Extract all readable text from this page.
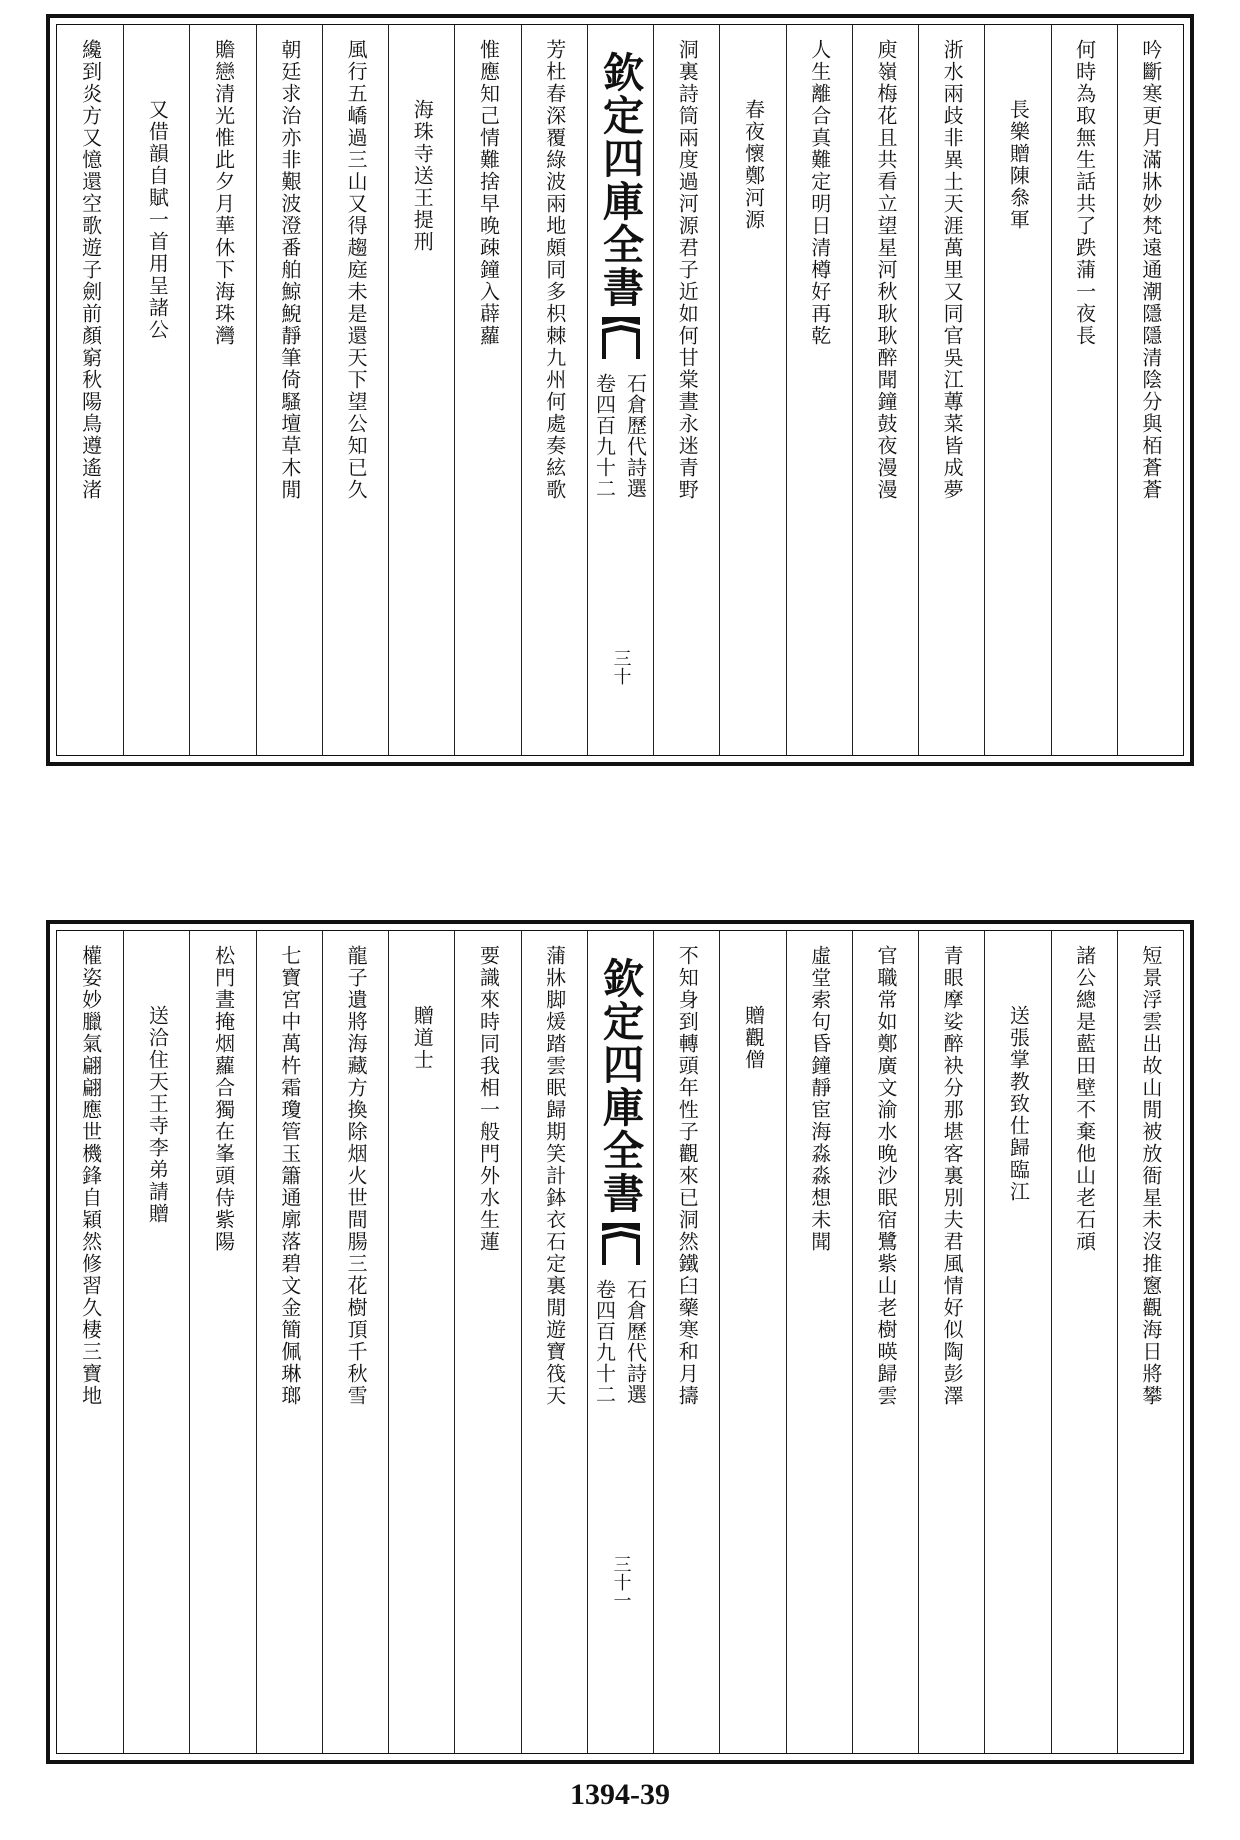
吟斷寒更月滿牀妙梵遠通潮隱隱清陰分與栢蒼蒼
何時為取無生話共了跌蒲一夜長
長樂贈陳叅軍
浙水兩歧非異土天涯萬里又同官吳江蓴菜皆成夢
庾嶺梅花且共看立望星河秋耿耿醉聞鐘鼓夜漫漫
人生離合真難定明日清樽好再乾
春夜懷鄭河源
洞裏詩筒兩度過河源君子近如何甘棠晝永迷青野
欽定四庫全書
石倉歷代詩選
卷四百九十二
三十
芳杜春深覆綠波兩地頗同多枳棘九州何處奏絃歌
惟應知己情難捨早晚疎鐘入薜蘿
海珠寺送王提刑
風行五嶠過三山又得趨庭未是還天下望公知已久
朝廷求治亦非艱波澄番舶鯨鯢靜筆倚騷壇草木閒
贍戀清光惟此夕月華休下海珠灣
又借韻自賦一首用呈諸公
纔到炎方又憶還空歌遊子劍前顏窮秋陽鳥遵遙渚
短景浮雲出故山閒被放衙星未沒推窻觀海日將攀
諸公總是藍田壁不棄他山老石頑
送張掌教致仕歸臨江
青眼摩娑醉袂分那堪客裏別夫君風情好似陶彭澤
官職常如鄭廣文渝水晚沙眠宿鷺紫山老樹暎歸雲
虛堂索句昏鐘靜宦海淼淼想未聞
贈觀僧
不知身到轉頭年性子觀來已洞然鐵臼藥寒和月擣
欽定四庫全書
石倉歷代詩選
卷四百九十二
三十一
蒲牀脚煖踏雲眠歸期笑計鉢衣石定裏閒遊寶筏天
要識來時同我相一般門外水生蓮
贈道士
龍子遺將海藏方換除烟火世間腸三花樹頂千秋雪
七寶宮中萬杵霜瓊管玉簫通廓落碧文金簡佩琳瑯
松門晝掩烟蘿合獨在峯頭侍紫陽
送洽住天王寺李弟請贈
權姿妙臘氣翩翩應世機鋒自穎然修習久棲三寶地
1394-39
